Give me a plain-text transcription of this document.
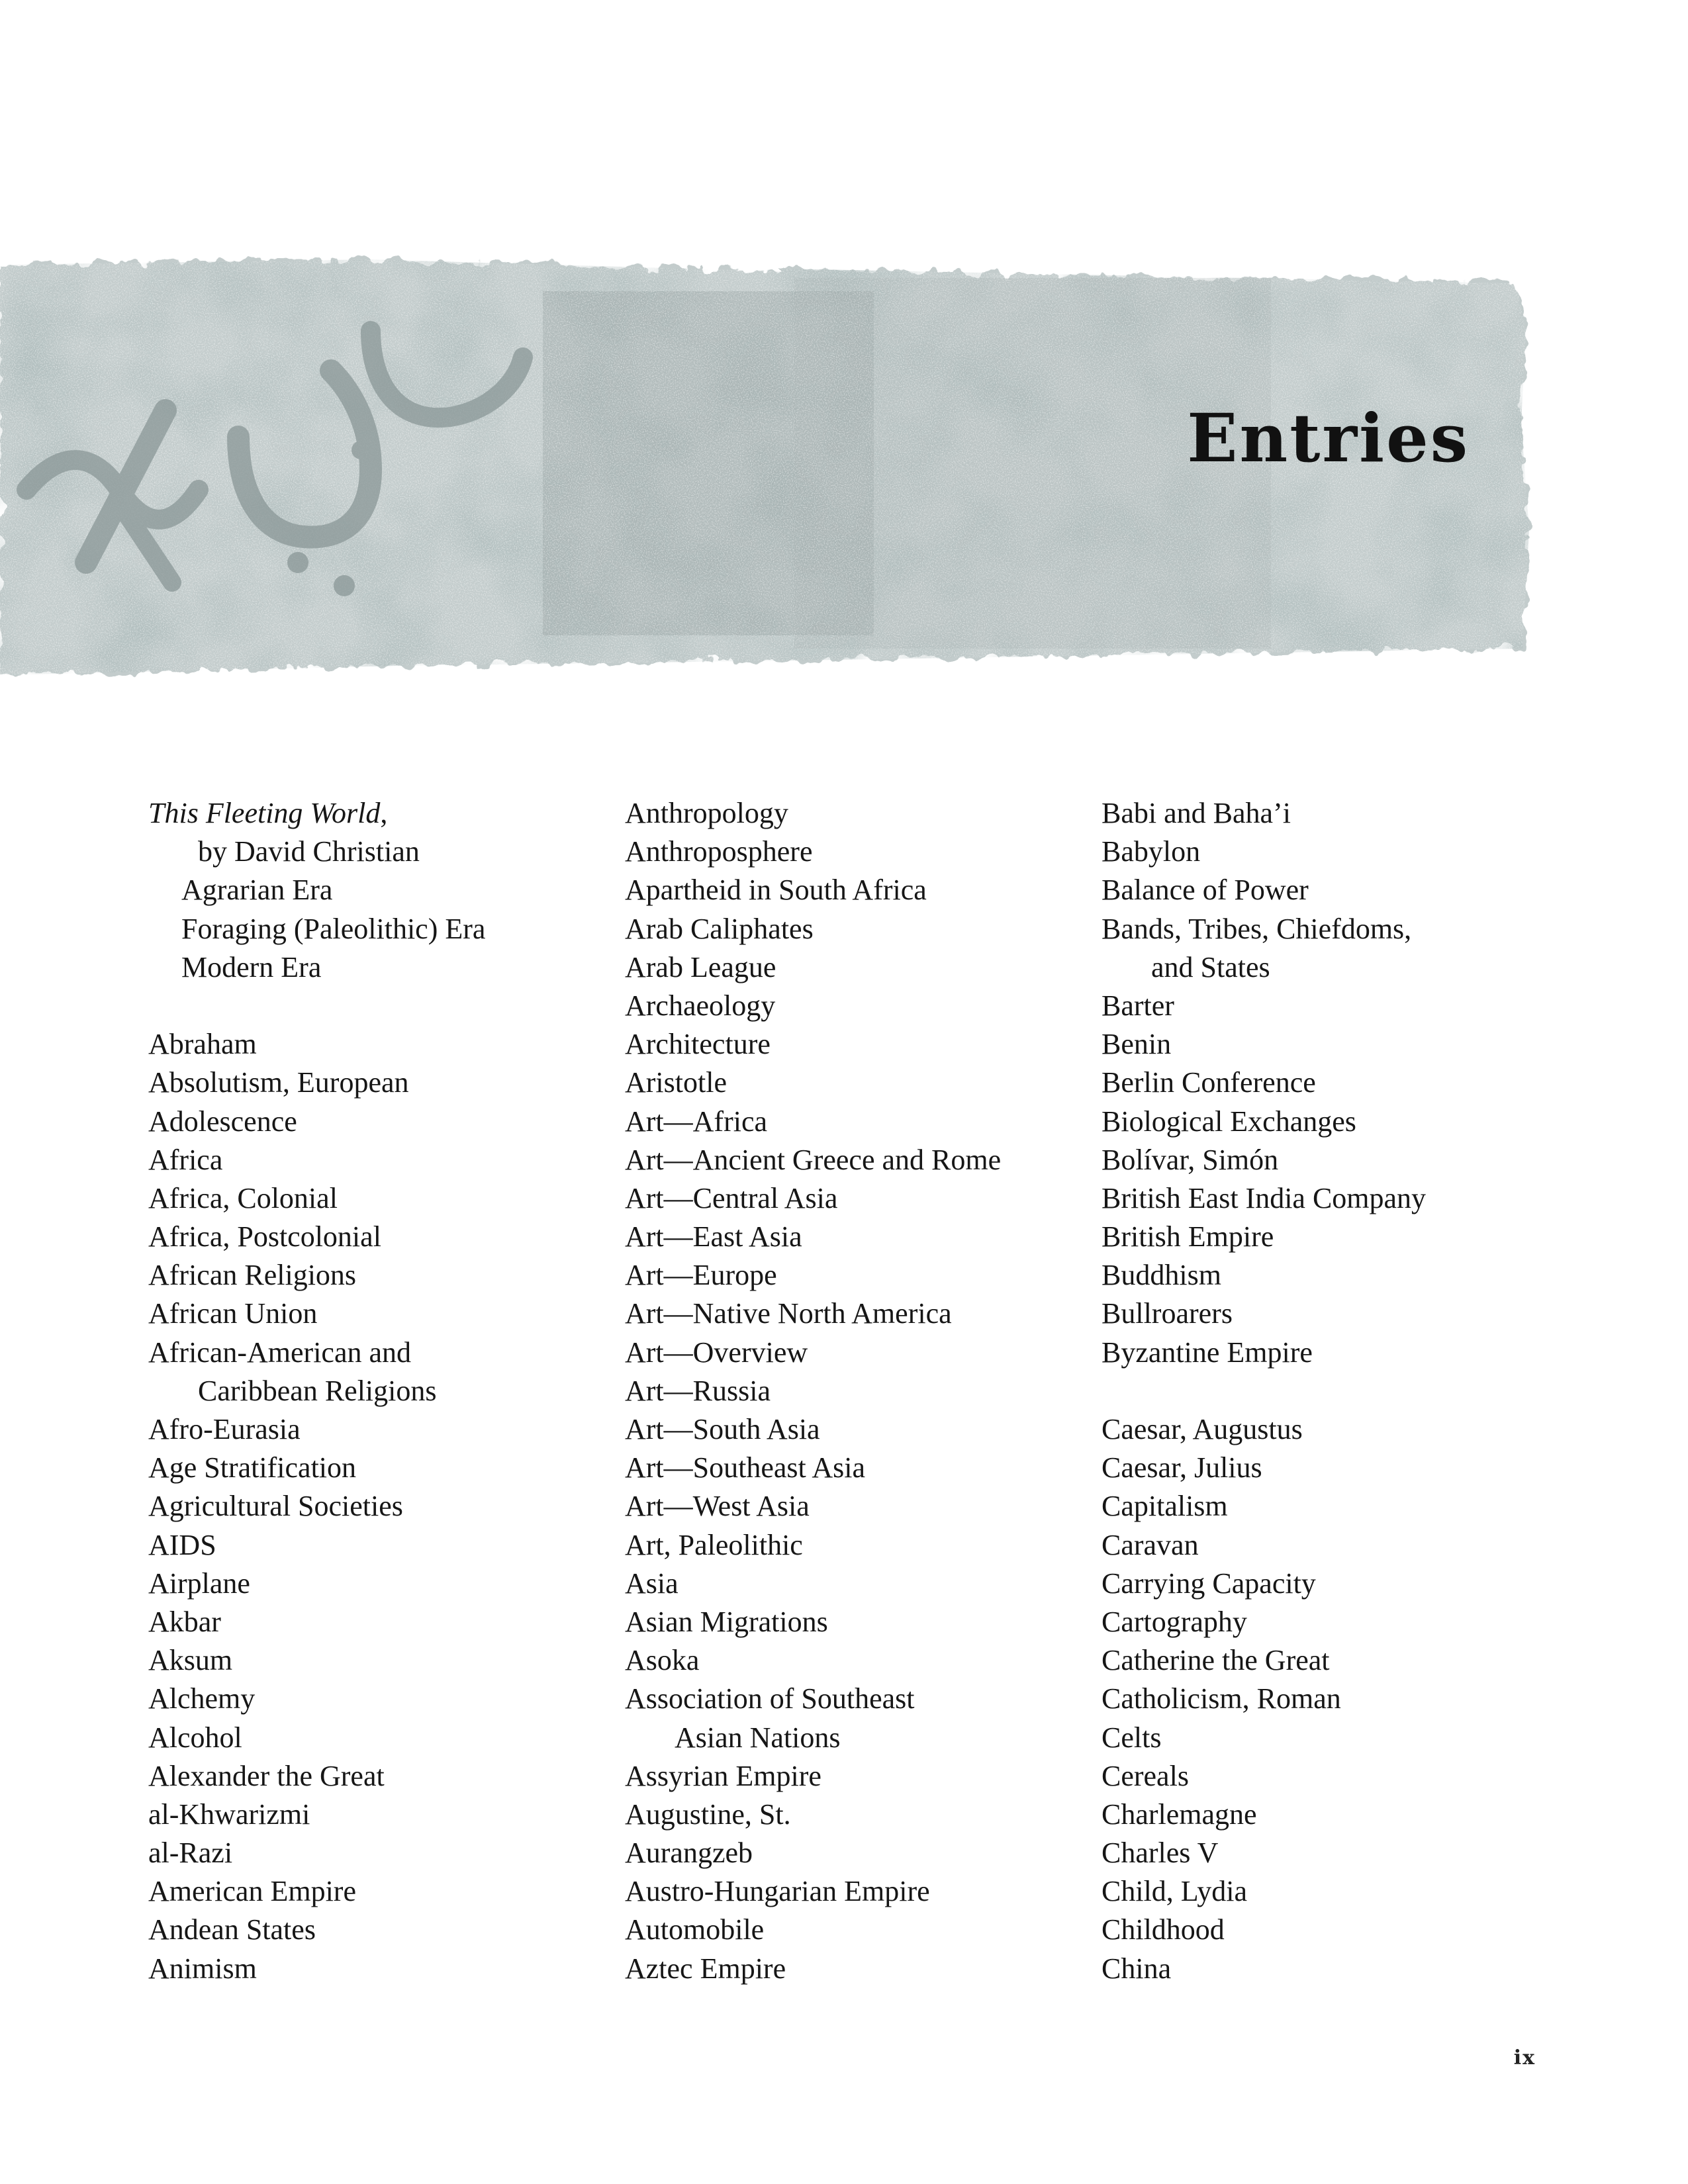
Entries
This Fleeting World,
by David Christian
Agrarian Era
Foraging (Paleolithic) Era
Modern Era
Abraham
Absolutism, European
Adolescence
Africa
Africa, Colonial
Africa, Postcolonial
African Religions
African Union
African-American and
Caribbean Religions
Afro-Eurasia
Age Stratification
Agricultural Societies
AIDS
Airplane
Akbar
Aksum
Alchemy
Alcohol
Alexander the Great
al-Khwarizmi
al-Razi
American Empire
Andean States
Animism
Anthropology
Anthroposphere
Apartheid in South Africa
Arab Caliphates
Arab League
Archaeology
Architecture
Aristotle
Art—Africa
Art—Ancient Greece and Rome
Art—Central Asia
Art—East Asia
Art—Europe
Art—Native North America
Art—Overview
Art—Russia
Art—South Asia
Art—Southeast Asia
Art—West Asia
Art, Paleolithic
Asia
Asian Migrations
Asoka
Association of Southeast
Asian Nations
Assyrian Empire
Augustine, St.
Aurangzeb
Austro-Hungarian Empire
Automobile
Aztec Empire
Babi and Baha’i
Babylon
Balance of Power
Bands, Tribes, Chiefdoms,
and States
Barter
Benin
Berlin Conference
Biological Exchanges
Bolívar, Simón
British East India Company
British Empire
Buddhism
Bullroarers
Byzantine Empire
Caesar, Augustus
Caesar, Julius
Capitalism
Caravan
Carrying Capacity
Cartography
Catherine the Great
Catholicism, Roman
Celts
Cereals
Charlemagne
Charles V
Child, Lydia
Childhood
China
ix
